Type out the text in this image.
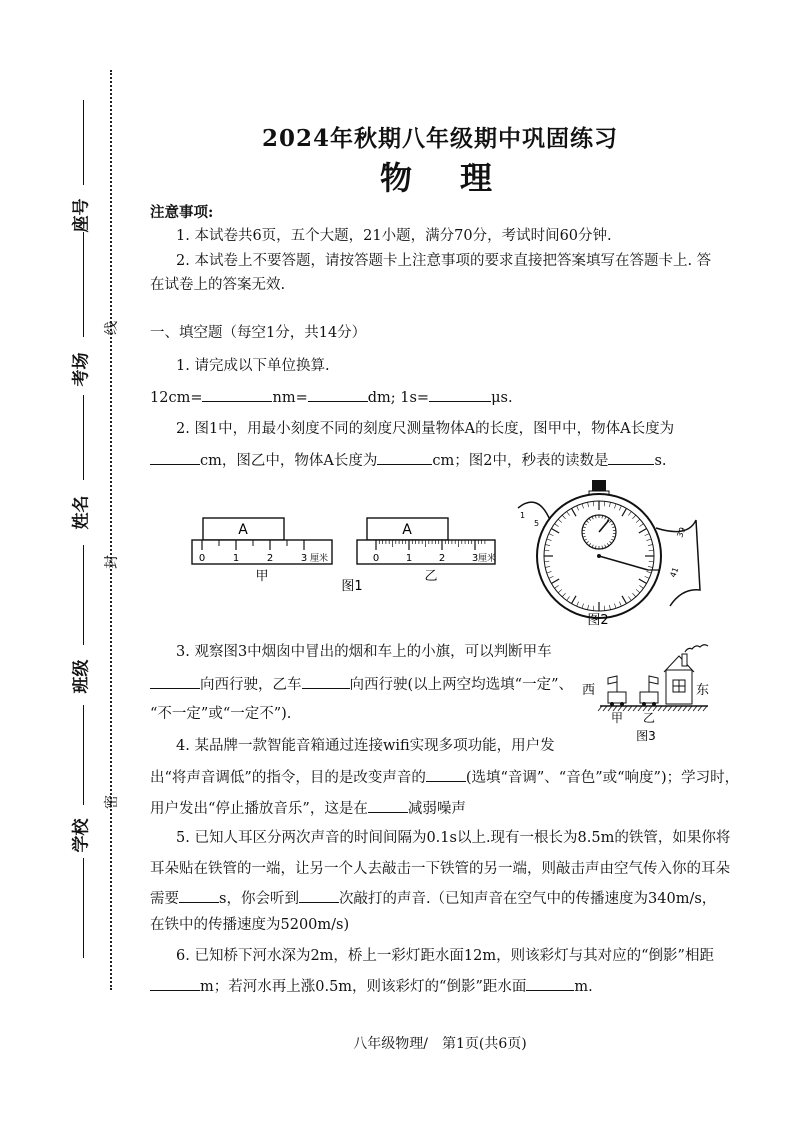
座号
考场
姓名
班级
学校
线
封
密
2024年秋期八年级期中巩固练习
物　理
注意事项:
1. 本试卷共6页，五个大题，21小题，满分70分，考试时间60分钟.
2. 本试卷上不要答题，请按答题卡上注意事项的要求直接把答案填写在答题卡上. 答
在试卷上的答案无效.
一、填空题（每空1分，共14分）
1. 请完成以下单位换算.
12cm=	nm=	dm; 1s=	μs.
2. 图1中，用最小刻度不同的刻度尺测量物体A的长度，图甲中，物体A长度为
cm，图乙中，物体A长度为	cm；图2中，秒表的读数是	s.
A
0	1	2	3 厘米
甲
A
0	1	2	3 厘米
乙
图1
1
5
39
41
图2
3. 观察图3中烟囱中冒出的烟和车上的小旗，可以判断甲车
向西行驶，乙车	向西行驶(以上两空均选填“一定”、
“不一定”或“一定不”).
西	东
甲 乙
图3
4. 某品牌一款智能音箱通过连接wifi实现多项功能，用户发
出“将声音调低”的指令，目的是改变声音的	(选填“音调”、“音色”或“响度”)；学习时，
用户发出“停止播放音乐”，这是在	减弱噪声
5. 已知人耳区分两次声音的时间间隔为0.1s以上.现有一根长为8.5m的铁管，如果你将
耳朵贴在铁管的一端，让另一个人去敲击一下铁管的另一端，则敲击声由空气传入你的耳朵
需要	s，你会听到	次敲打的声音.（已知声音在空气中的传播速度为340m/s，
在铁中的传播速度为5200m/s)
6. 已知桥下河水深为2m，桥上一彩灯距水面12m，则该彩灯与其对应的“倒影”相距
m；若河水再上涨0.5m，则该彩灯的“倒影”距水面	m.
八年级物理/　第1页(共6页)
